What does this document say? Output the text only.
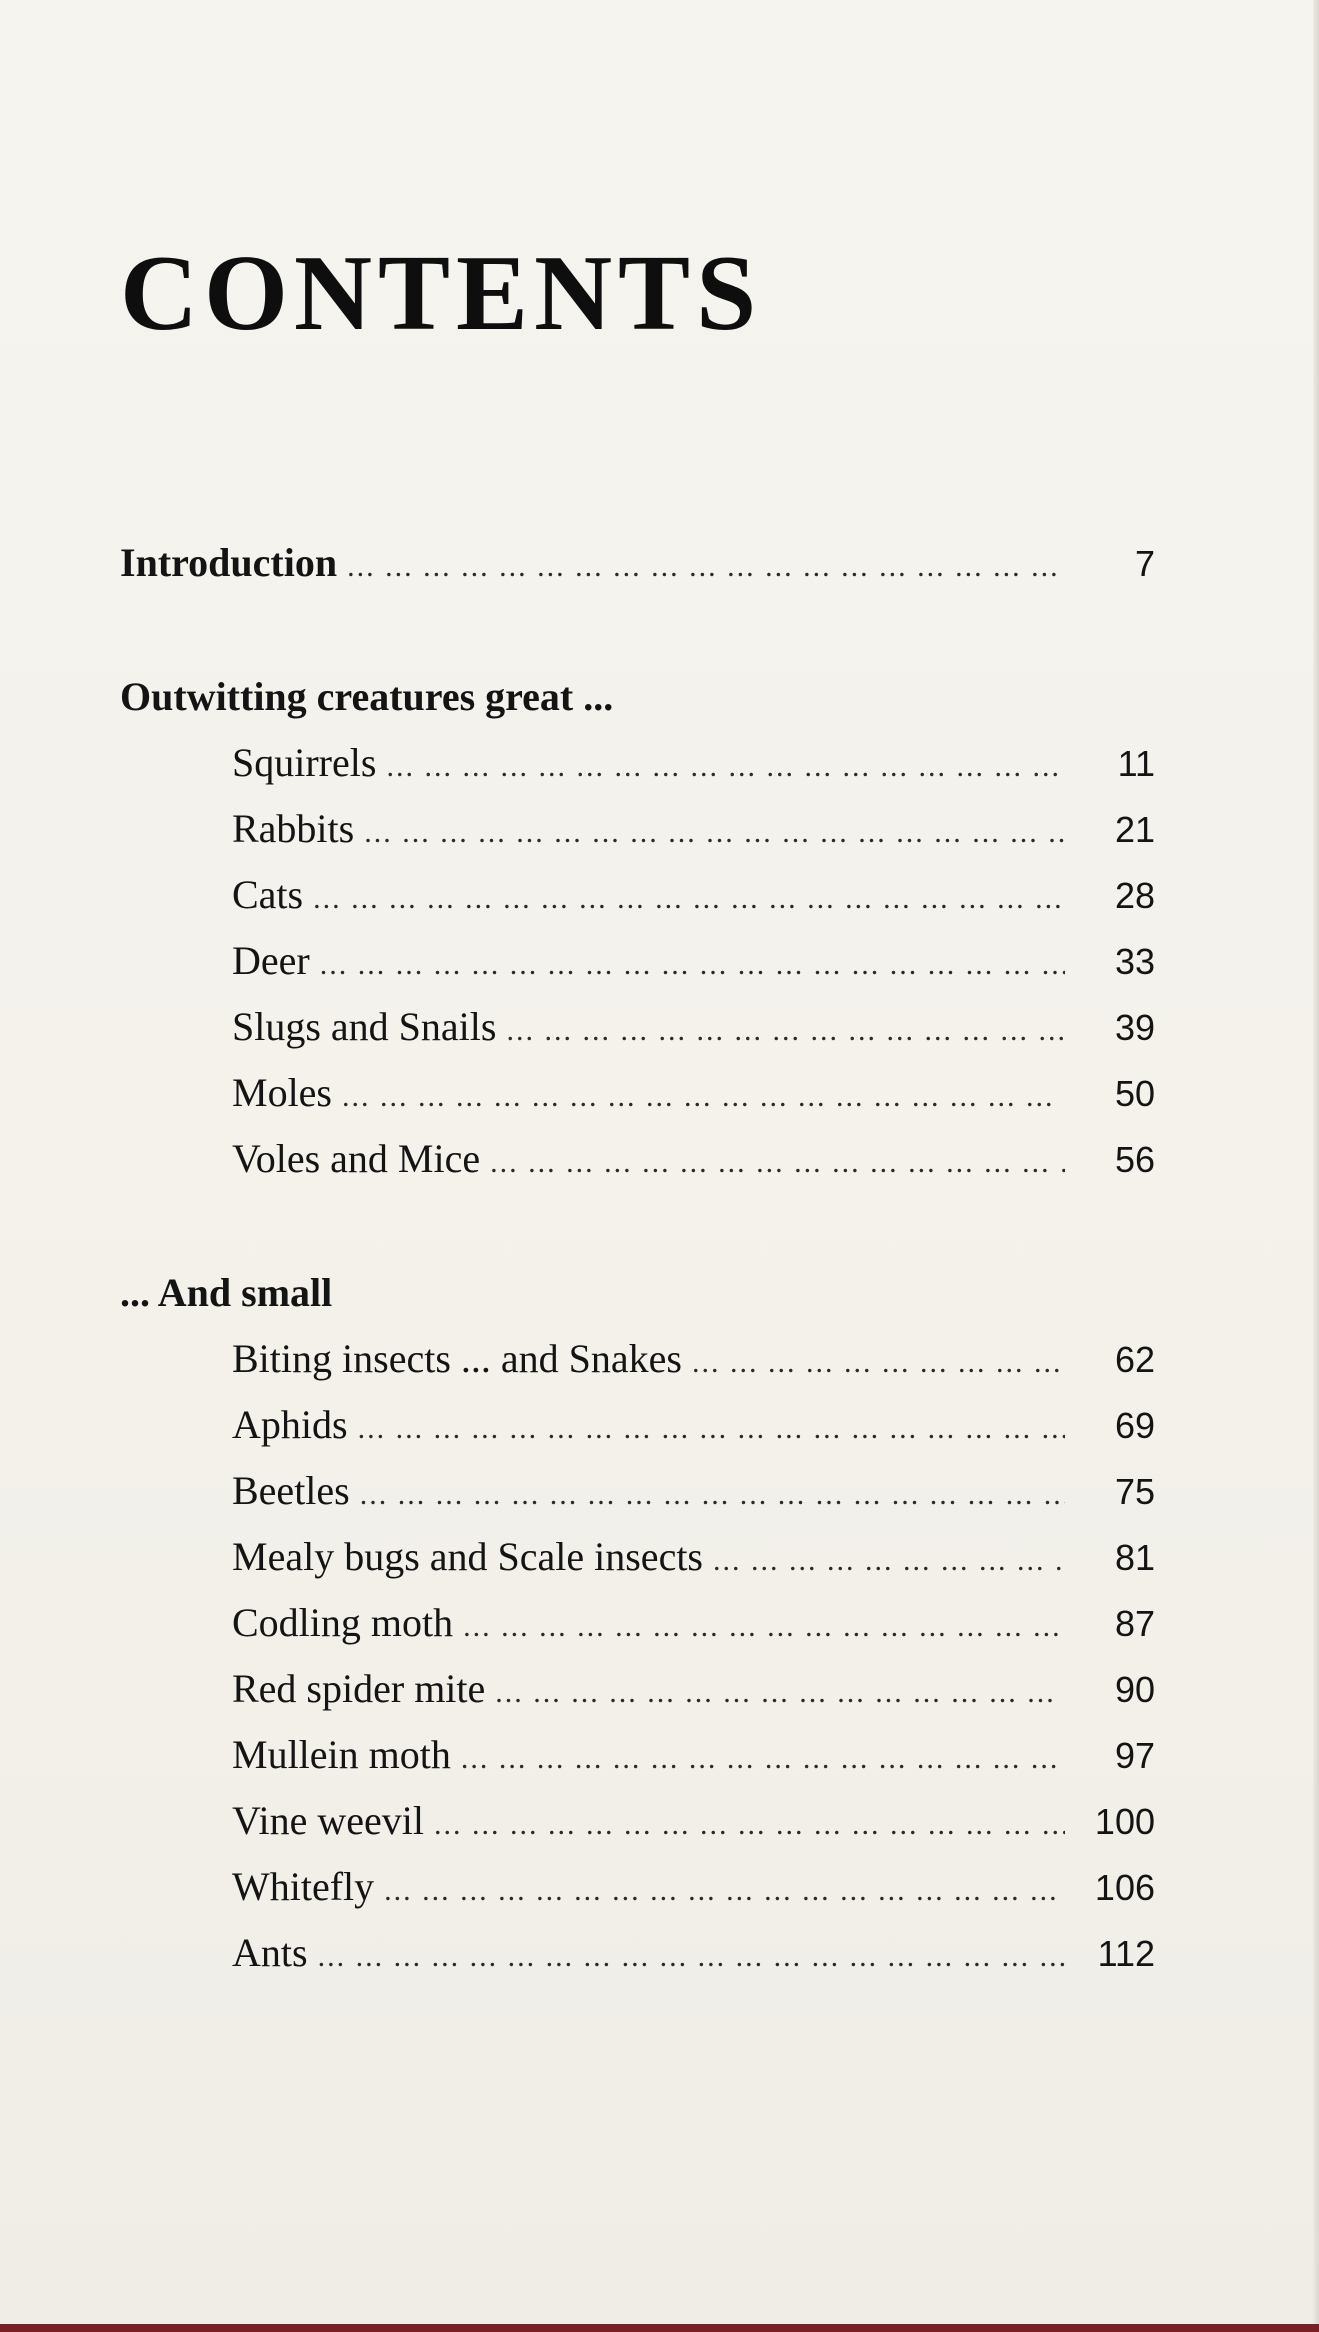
CONTENTS
Introduction ... .	7
Outwitting creatures great ...
Squirrels ... .	11
Rabbits ... .	21
Cats ... .	28
Deer ... .	33
Slugs and Snails ... .	39
Moles ... .	50
Voles and Mice ... .	56
... And small
Biting insects ... and Snakes ... .	62
Aphids ... .	69
Beetles ... .	75
Mealy bugs and Scale insects ... .	81
Codling moth ... .	87
Red spider mite ... .	90
Mullein moth ... .	97
Vine weevil ... .	100
Whitefly ... .	106
Ants ... .	112
